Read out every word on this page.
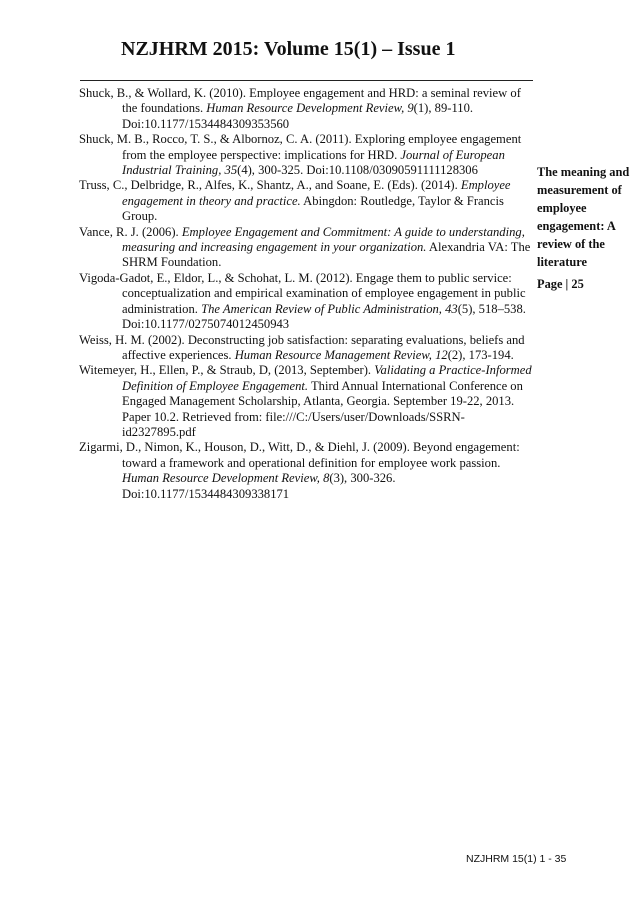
NZJHRM 2015: Volume 15(1) – Issue 1

Shuck, B., & Wollard, K. (2010). Employee engagement and HRD: a seminal review of the foundations. Human Resource Development Review, 9(1), 89-110. Doi:10.1177/1534484309353560

Shuck, M. B., Rocco, T. S., & Albornoz, C. A. (2011). Exploring employee engagement from the employee perspective: implications for HRD. Journal of European Industrial Training, 35(4), 300-325. Doi:10.1108/03090591111128306

Truss, C., Delbridge, R., Alfes, K., Shantz, A., and Soane, E. (Eds). (2014). Employee engagement in theory and practice. Abingdon: Routledge, Taylor & Francis Group.

Vance, R. J. (2006). Employee Engagement and Commitment: A guide to understanding, measuring and increasing engagement in your organization. Alexandria VA: The SHRM Foundation.

Vigoda-Gadot, E., Eldor, L., & Schohat, L. M. (2012). Engage them to public service: conceptualization and empirical examination of employee engagement in public administration. The American Review of Public Administration, 43(5), 518–538. Doi:10.1177/0275074012450943

Weiss, H. M. (2002). Deconstructing job satisfaction: separating evaluations, beliefs and affective experiences. Human Resource Management Review, 12(2), 173-194.

Witemeyer, H., Ellen, P., & Straub, D, (2013, September). Validating a Practice-Informed Definition of Employee Engagement. Third Annual International Conference on Engaged Management Scholarship, Atlanta, Georgia. September 19-22, 2013. Paper 10.2. Retrieved from: file:///C:/Users/user/Downloads/SSRN-id2327895.pdf

Zigarmi, D., Nimon, K., Houson, D., Witt, D., & Diehl, J. (2009). Beyond engagement: toward a framework and operational definition for employee work passion. Human Resource Development Review, 8(3), 300-326. Doi:10.1177/1534484309338171

The meaning and
measurement of
employee
engagement: A
review of the
literature
Page | 25
NZJHRM 15(1) 1 - 35
